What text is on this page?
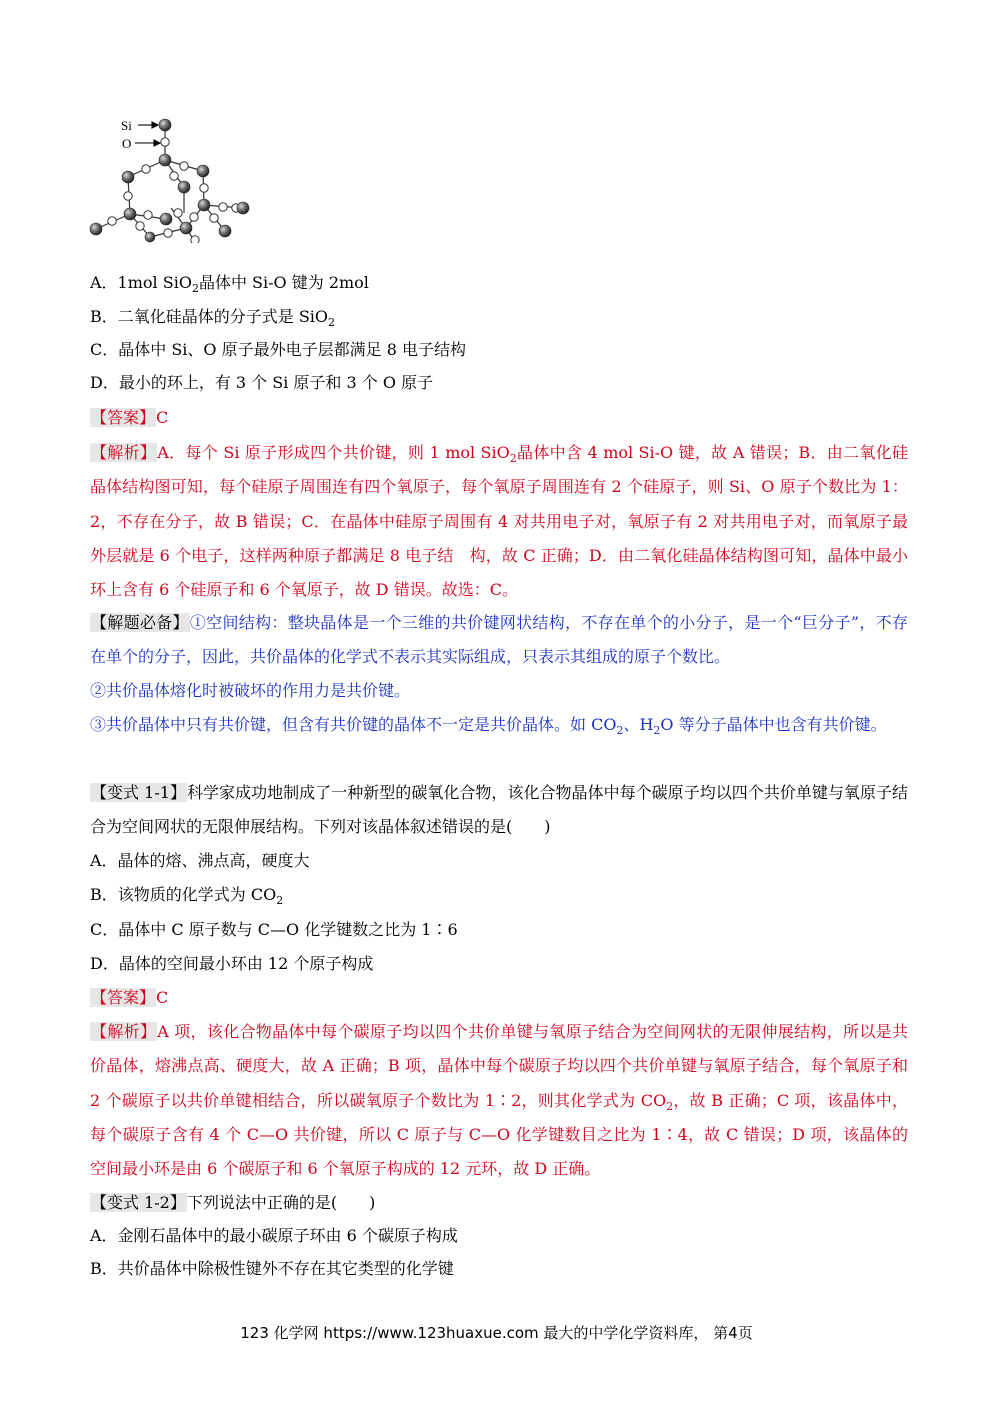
Si
O
A．1mol SiO$_2$晶体中 Si-O 键为 2mol
B．二氧化硅晶体的分子式是 SiO$_2$
C．晶体中 Si、O 原子最外电子层都满足 8 电子结构
D．最小的环上，有 3 个 Si 原子和 3 个 O 原子
【答案】C
【解析】A．每个 Si 原子形成四个共价键，则 1 mol SiO$_2$晶体中含 4 mol Si-O 键，故 A 错误；B．由二氧化硅晶体结构图可知，每个硅原子周围连有四个氧原子，每个氧原子周围连有 2 个硅原子，则 Si、O 原子个数比为 1：2，不存在分子，故 B 错误；C．在晶体中硅原子周围有 4 对共用电子对，氧原子有 2 对共用电子对，而氧原子最外层就是 6 个电子，这样两种原子都满足 8 电子结　构，故 C 正确；D．由二氧化硅晶体结构图可知，晶体中最小环上含有 6 个硅原子和 6 个氧原子，故 D 错误。故选：C。
【解题必备】①空间结构：整块晶体是一个三维的共价键网状结构，不存在单个的小分子，是一个“巨分子”，不存在单个的分子，因此，共价晶体的化学式不表示其实际组成，只表示其组成的原子个数比。
②共价晶体熔化时被破坏的作用力是共价键。
③共价晶体中只有共价键，但含有共价键的晶体不一定是共价晶体。如 $CO_2$、$H_2O$ 等分子晶体中也含有共价键。
【变式 1-1】科学家成功地制成了一种新型的碳氧化合物，该化合物晶体中每个碳原子均以四个共价单键与氧原子结合为空间网状的无限伸展结构。下列对该晶体叙述错误的是(　　)
A．晶体的熔、沸点高，硬度大
B．该物质的化学式为 $CO_2$
C．晶体中 C 原子数与 C—O 化学键数之比为 1∶6
D．晶体的空间最小环由 12 个原子构成
【答案】C
【解析】A 项，该化合物晶体中每个碳原子均以四个共价单键与氧原子结合为空间网状的无限伸展结构，所以是共价晶体，熔沸点高、硬度大，故 A 正确；B 项，晶体中每个碳原子均以四个共价单键与氧原子结合，每个氧原子和 2 个碳原子以共价单键相结合，所以碳氧原子个数比为 1∶2，则其化学式为 $CO_2$，故 B 正确；C 项，该晶体中，每个碳原子含有 4 个 C—O 共价键，所以 C 原子与 C—O 化学键数目之比为 1∶4，故 C 错误；D 项，该晶体的空间最小环是由 6 个碳原子和 6 个氧原子构成的 12 元环，故 D 正确。
【变式 1-2】下列说法中正确的是(　　)
A．金刚石晶体中的最小碳原子环由 6 个碳原子构成
B．共价晶体中除极性键外不存在其它类型的化学键
123 化学网 https://www.123huaxue.com 最大的中学化学资料库， 第4页
